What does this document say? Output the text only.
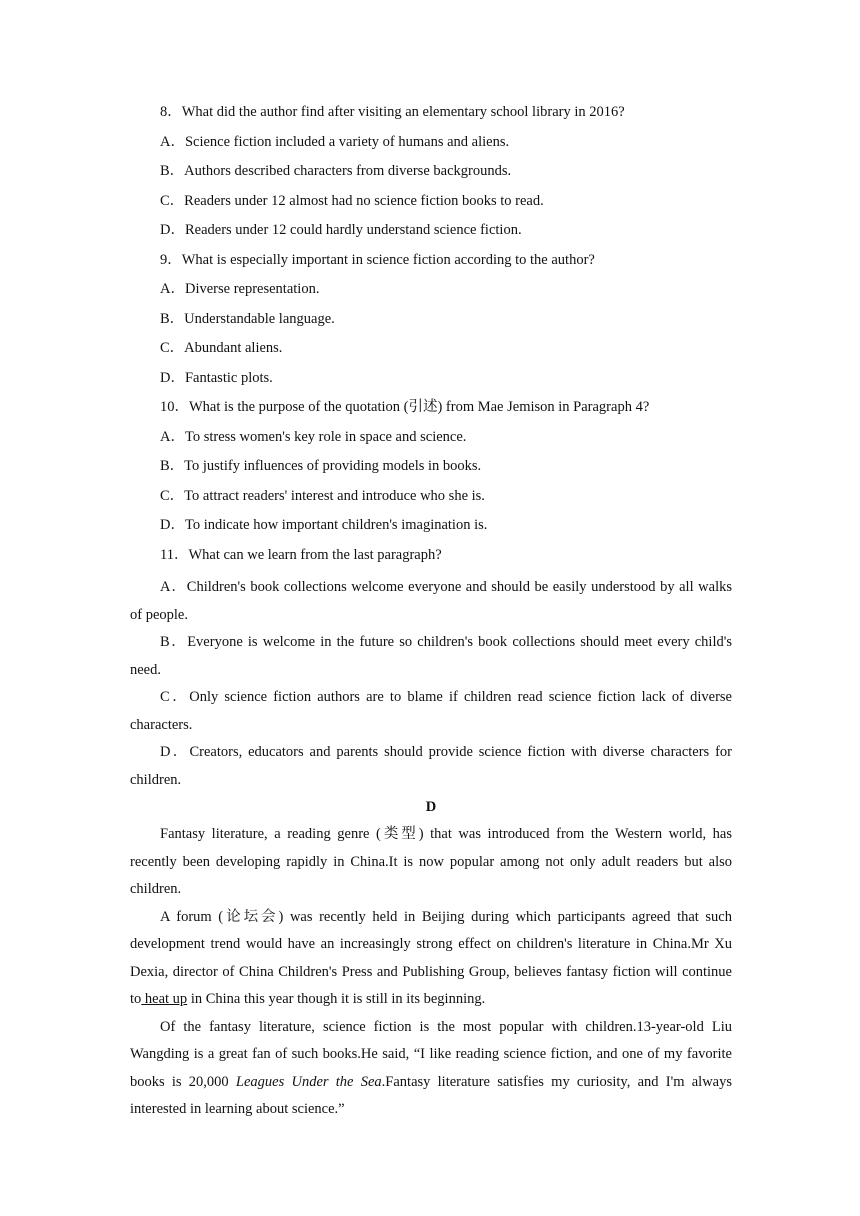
8．What did the author find after visiting an elementary school library in 2016?
A．Science fiction included a variety of humans and aliens.
B．Authors described characters from diverse backgrounds.
C．Readers under 12 almost had no science fiction books to read.
D．Readers under 12 could hardly understand science fiction.
9．What is especially important in science fiction according to the author?
A．Diverse representation.
B．Understandable language.
C．Abundant aliens.
D．Fantastic plots.
10．What is the purpose of the quotation (引述) from Mae Jemison in Paragraph 4?
A．To stress women's key role in space and science.
B．To justify influences of providing models in books.
C．To attract readers' interest and introduce who she is.
D．To indicate how important children's imagination is.
11．What can we learn from the last paragraph?

A．Children's book collections welcome everyone and should be easily understood by all walks of people.

B．Everyone is welcome in the future so children's book collections should meet every child's need.

C．Only science fiction authors are to blame if children read science fiction lack of diverse characters.

D．Creators, educators and parents should provide science fiction with diverse characters for children.

D

Fantasy literature, a reading genre (类型) that was introduced from the Western world, has recently been developing rapidly in China.It is now popular among not only adult readers but also children.

A forum (论坛会) was recently held in Beijing during which participants agreed that such development trend would have an increasingly strong effect on children's literature in China.Mr Xu Dexia, director of China Children's Press and Publishing Group, believes fantasy fiction will continue to heat up in China this year though it is still in its beginning.

Of the fantasy literature, science fiction is the most popular with children.13-year-old Liu Wangding is a great fan of such books.He said, “I like reading science fiction, and one of my favorite books is 20,000 Leagues Under the Sea.Fantasy literature satisfies my curiosity, and I'm always interested in learning about science.”
